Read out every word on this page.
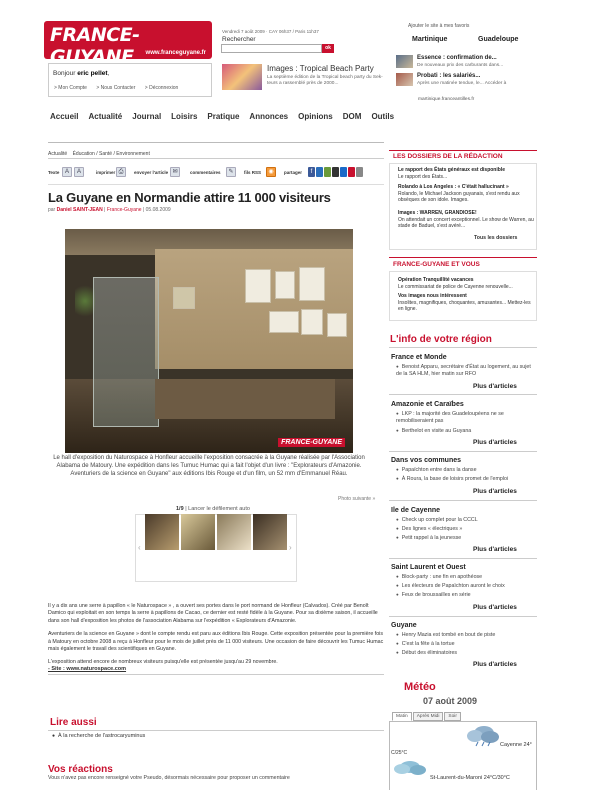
FRANCE-GUYANE	www.franceguyane.fr
Vendredi 7 août 2009 · CAY 06h37 / Paris 11h37
Rechercher
ok
Ajouter le site à mes favoris
Martinique	Guadeloupe
Bonjour eric pellet,
> Mon Compte > Nous Contacter > Déconnexion
Images : Tropical Beach Party
La septième édition de la Tropical beach party du Sek-teurs a rassemblé près de 2000...
Essence : confirmation de...
De nouveaux prix des carburants dans...
Probati : les salariés...
Après une matinée tendue, le... Accéder à
martinique.franceantilles.fr
Accueil Actualité Journal Loisirs Pratique Annonces Opinions DOM Outils
Actualité Éducation / Santé / Environnement
Texte A	A	imprimer ⎙	envoyer l'article ✉	commentaires	✎	fils RSS	◉	partager	f
La Guyane en Normandie attire 11 000 visiteurs
par Daniel SAINT-JEAN | France-Guyane | 05.08.2009
FRANCE-GUYANE
Le hall d'exposition du Naturospace à Honfleur accueille l'exposition consacrée à la Guyane réalisée par l'Association Alabama de Matoury. Une expédition dans les Tumuc Humac qui a fait l'objet d'un livre : "Explorateurs d'Amazonie. Aventuriers de la science en Guyane" aux éditions Ibis Rouge et d'un film, un 52 mm d'Emmanuel Réau.
Photo suivante »
1/9 | Lancer le défilement auto
‹	›

Il y a dix ans une serre à papillon « le Naturospace » , a ouvert ses portes dans le port normand de Honfleur (Calvados). Créé par Benoît Damico qui exploitait en son temps la serre à papillons de Cacao, ce dernier est resté fidèle à la Guyane. Pour sa dixième saison, il accueille dans son hall d'exposition les photos de l'association Alabama sur l'expédition « Explorateurs d'Amazonie.

Aventuriers de la science en Guyane » dont le compte rendu est paru aux éditions Ibis Rouge. Cette exposition présentée pour la première fois à Matoury en octobre 2008 a reçu à Honfleur pour le mois de juillet près de 11 000 visiteurs. Une occasion de faire découvrir les Tumuc Humac mais également le travail des scientifiques en Guyane.

L'exposition attend encore de nombreux visiteurs puisqu'elle est présentée jusqu'au 29 novembre.

- Site : www.naturospace.com
Lire aussi
● À la recherche de l'astrocaryuminus
Vos réactions
Vous n'avez pas encore renseigné votre Pseudo, désormais nécessaire pour proposer un commentaire
LES DOSSIERS DE LA RÉDACTION
Le rapport des États généraux est disponible
Le rapport des États...
Rolando à Los Angeles : « C'était hallucinant »
Rolando, le Michael Jackson guyanais, s'est rendu aux obsèques de son idole. Images.
Images : WARREN, GRANDIOSE!
On attendait un concert exceptionnel. Le show de Warren, au stade de Baduel, s'est avéré...
Tous les dossiers
FRANCE-GUYANE ET VOUS
Opération Tranquillité vacances
Le commissariat de police de Cayenne renouvelle...
Vos images nous intéressent
Insolites, magnifiques, choquantes, amusantes... Mettez-les en ligne.
L'info de votre région
France et Monde
● Benoist Apparu, secrétaire d'État au logement, au sujet de la SA HLM, hier matin sur RFO
Plus d'articles
Amazonie et Caraïbes
● LKP : la majorité des Guadeloupéens ne se remobiliseraient pas
● Berthelot en visite au Guyana
Plus d'articles
Dans vos communes
● Papaïchton entre dans la danse
● À Roura, la base de loisirs promet de l'emploi
Plus d'articles
Ile de Cayenne
● Check up complet pour la CCCL
● Des lignes « électriques »
● Petit rappel à la jeunesse
Plus d'articles
Saint Laurent et Ouest
● Block-party : une fin en apothéose
● Les électeurs de Papaïchton auront le choix
● Feux de broussailles en série
Plus d'articles
Guyane
● Henry Mazia est tombé en bout de piste
● C'est la fête à la tortue
● Début des éliminatoires
Plus d'articles
Météo
07 août 2009
Matin	Après Midi	Soir
Cayenne 24°
C/25°C
St-Laurent-du-Maroni 24°C/30°C
